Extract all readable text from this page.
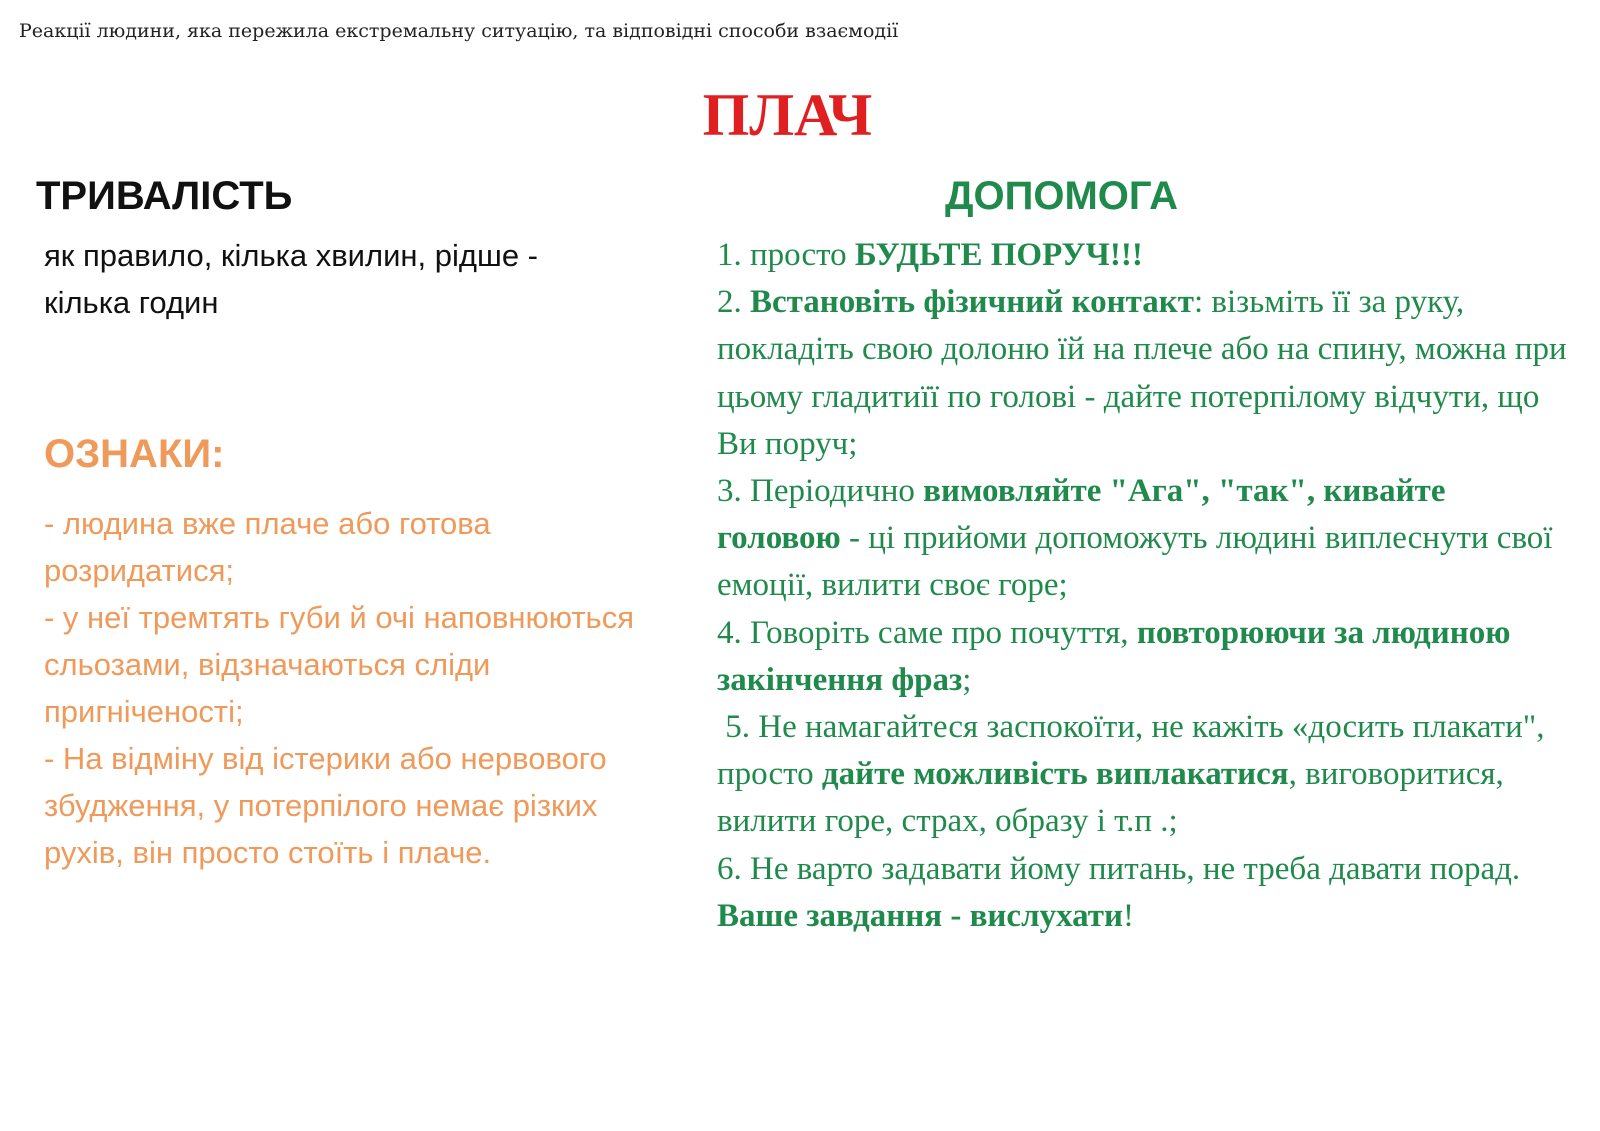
Реакції людини, яка пережила екстремальну ситуацію, та відповідні способи взаємодії
ПЛАЧ
ТРИВАЛІСТЬ
як правило, кілька хвилин, рідше - кілька годин
ОЗНАКИ:
- людина вже плаче або готова розридатися;
- у неї тремтять губи й очі наповнюються сльозами, відзначаються сліди пригніченості;
- На відміну від істерики або нервового збудження, у потерпілого немає різких рухів, він просто стоїть і плаче.
ДОПОМОГА
1. просто БУДЬТЕ ПОРУЧ!!!
2. Встановіть фізичний контакт: візьміть її за руку, покладіть свою долоню їй на плече або на спину, можна при цьому гладитиїї по голові - дайте потерпілому відчути, що Ви поруч;
3. Періодично вимовляйте "Ага", "так", кивайте головою - ці прийоми допоможуть людині виплеснути свої емоції, вилити своє горе;
4. Говоріть саме про почуття, повторюючи за людиною закінчення фраз;
5. Не намагайтеся заспокоїти, не кажіть «досить плакати", просто дайте можливість виплакатися, виговоритися, вилити горе, страх, образу і т.п .;
6. Не варто задавати йому питань, не треба давати порад. Ваше завдання - вислухати!
